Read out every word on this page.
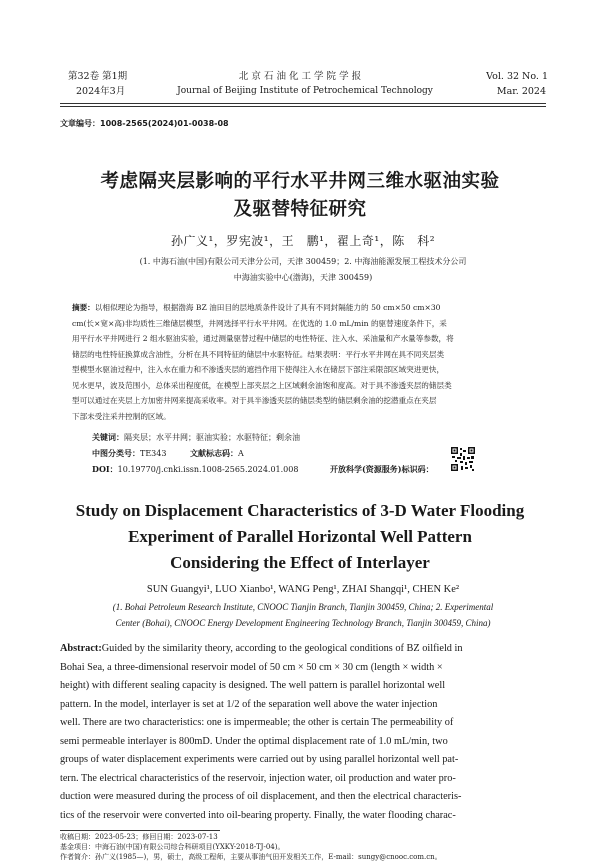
第32卷 第1期	北 京 石 油 化 工 学 院 学 报	Vol. 32 No. 1
2024年3月	Journal of Beijing Institute of Petrochemical Technology	Mar. 2024
文章编号：1008-2565(2024)01-0038-08
考虑隔夹层影响的平行水平井网三维水驱油实验
及驱替特征研究
孙广义¹，罗宪波¹，王　鹏¹，翟上奇¹，陈　科²
(1. 中海石油(中国)有限公司天津分公司，天津 300459；2. 中海油能源发展工程技术分公司
中海油实验中心(渤海)，天津 300459)
摘要：以相似理论为指导，根据渤海 BZ 油田目的层地质条件设计了具有不同封隔能力的 50 cm×50 cm×30
cm(长×宽×高)非均质性三维储层模型，井网选择平行水平井网。在优选的 1.0 mL/min 的驱替速度条件下，采
用平行水平井网进行 2 组水驱油实验，通过测量驱替过程中储层的电性特征、注入水、采油量和产水量等参数，将
储层的电性特征换算成含油性，分析在具不同特征的储层中水驱特征。结果表明：平行水平井网在具不同夹层类
型模型水驱油过程中，注入水在重力和不渗透夹层的遮挡作用下使得注入水在储层下部注采限部区域突进更快，
见水更早，波及范围小，总体采出程度低，在模型上部夹层之上区域剩余油饱和度高。对于具不渗透夹层的储层类
型可以通过在夹层上方加密井网来提高采收率。对于具半渗透夹层的储层类型的储层剩余油的挖潜重点在夹层
下部未受注采井控制的区域。
关键词：隔夹层；水平井网；驱油实验；水驱特征；剩余油
中图分类号：TE343	文献标志码：A
DOI：10.19770/j.cnki.issn.1008-2565.2024.01.008	开放科学(资源服务)标识码：
Study on Displacement Characteristics of 3-D Water Flooding
Experiment of Parallel Horizontal Well Pattern
Considering the Effect of Interlayer
SUN Guangyi¹, LUO Xianbo¹, WANG Peng¹, ZHAI Shangqi¹, CHEN Ke²
(1. Bohai Petroleum Research Institute, CNOOC Tianjin Branch, Tianjin 300459, China; 2. Experimental
Center (Bohai), CNOOC Energy Development Engineering Technology Branch, Tianjin 300459, China)
Abstract:Guided by the similarity theory, according to the geological conditions of BZ oilfield in
Bohai Sea, a three-dimensional reservoir model of 50 cm × 50 cm × 30 cm (length × width ×
height) with different sealing capacity is designed. The well pattern is parallel horizontal well
pattern. In the model, interlayer is set at 1/2 of the separation well above the water injection
well. There are two characteristics: one is impermeable; the other is certain The permeability of
semi permeable interlayer is 800mD. Under the optimal displacement rate of 1.0 mL/min, two
groups of water displacement experiments were carried out by using parallel horizontal well pat-
tern. The electrical characteristics of the reservoir, injection water, oil production and water pro-
duction were measured during the process of oil displacement, and then the electrical characteris-
tics of the reservoir were converted into oil-bearing property. Finally, the water flooding charac-
收稿日期：2023-05-23；修回日期：2023-07-13
基金项目：中海石油(中国)有限公司综合科研项目(YXKY-2018-TJ-04)。
作者简介：孙广义(1985—)，男，硕士，高级工程师，主要从事油气田开发相关工作，E-mail：sungy@cnooc.com.cn。
